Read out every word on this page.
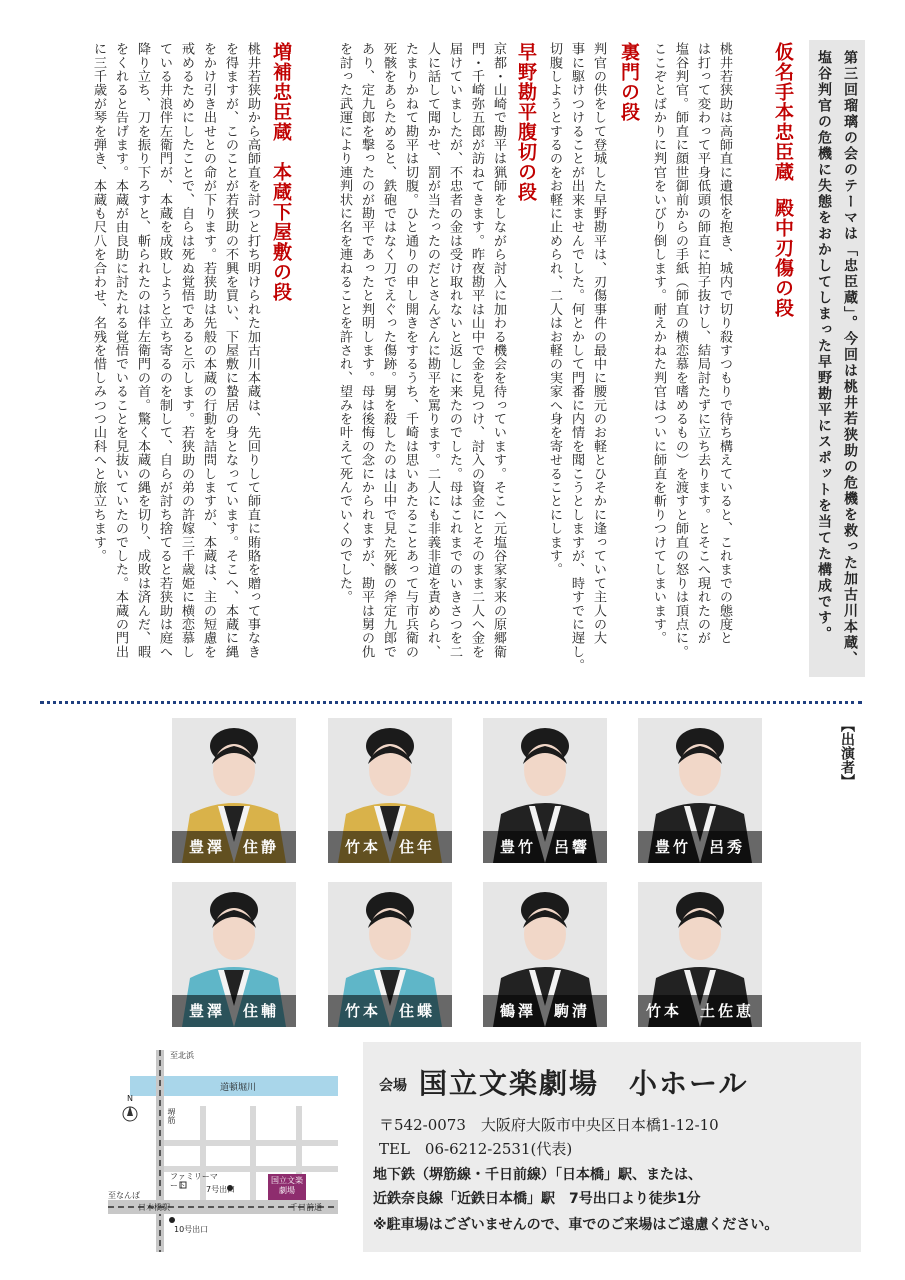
第三回瑠璃の会のテーマは「忠臣蔵」。今回は桃井若狭助の危機を救った加古川本蔵、
塩谷判官の危機に失態をおかしてしまった早野勘平にスポットを当てた構成です。
仮名手本忠臣蔵殿中刃傷の段
桃井若狭助は高師直に遺恨を抱き、城内で切り殺すつもりで待ち構えていると、これまでの態度と
は打って変わって平身低頭の師直に拍子抜けし、結局討たずに立ち去ります。とそこへ現れたのが
塩谷判官。師直に顔世御前からの手紙（師直の横恋慕を嗜めるもの）を渡すと師直の怒りは頂点に。
ここぞとばかりに判官をいびり倒します。耐えかねた判官はついに師直を斬りつけてしまいます。
裏門の段
判官の供をして登城した早野勘平は、刃傷事件の最中に腰元のお軽とひそかに逢っていて主人の大
事に駆けつけることが出来ませんでした。何とかして門番に内情を聞こうとしますが、時すでに遅し。
切腹しようとするのをお軽に止められ、二人はお軽の実家へ身を寄せることにします。
早野勘平腹切の段
京都・山崎で勘平は猟師をしながら討入に加わる機会を待っています。そこへ元塩谷家家来の原郷衛
門・千崎弥五郎が訪ねてきます。昨夜勘平は山中で金を見つけ、討入の資金にとそのまま二人へ金を
届けていましたが、不忠者の金は受け取れないと返しに来たのでした。母はこれまでのいきさつを二
人に話して聞かせ、罰が当たったのだとさんざんに勘平を罵ります。二人にも非義非道を責められ、
たまりかねて勘平は切腹。ひと通りの申し開きをするうち、千崎は思いあたることあって与市兵衛の
死骸をあらためると、鉄砲ではなく刀でえぐった傷跡。舅を殺したのは山中で見た死骸の斧定九郎で
あり、定九郎を撃ったのが勘平であったと判明します。母は後悔の念にかられますが、勘平は舅の仇
を討った武運により連判状に名を連ねることを許され、望みを叶えて死んでいくのでした。
増補忠臣蔵本蔵下屋敷の段
桃井若狭助から高師直を討つと打ち明けられた加古川本蔵は、先回りして師直に賄賂を贈って事なき
を得ますが、このことが若狭助の不興を買い、下屋敷に蟄居の身となっています。そこへ、本蔵に縄
をかけ引き出せとの命が下ります。若狭助は先般の本蔵の行動を詰問しますが、本蔵は、主の短慮を
戒めるためにしたことで、自らは死ぬ覚悟であると示します。若狭助の弟の許嫁三千歳姫に横恋慕し
ている井浪伴左衛門が、本蔵を成敗しようと立ち寄るのを制して、自らが討ち捨てると若狭助は庭へ
降り立ち、刀を振り下ろすと、斬られたのは伴左衛門の首。驚く本蔵の縄を切り、成敗は済んだ、暇
をくれると告げます。本蔵が由良助に討たれる覚悟でいることを見抜いていたのでした。本蔵の門出
に三千歳が琴を弾き、本蔵も尺八を合わせ、名残を惜しみつつ山科へと旅立ちます。
【出演者】
豊竹　呂秀
豊竹　呂響
竹本　住年
豊澤　住静
竹本　土佐恵
鶴澤　駒清
竹本　住蝶
豊澤　住輔
至北浜
道頓堀川
N
堺筋
ファミリーマート	7号出口
国立文楽劇場
至なんば
日本橋駅	千日前通
10号出口
会場 国立文楽劇場　小ホール
〒542-0073　大阪府大阪市中央区日本橋1-12-10
TEL　06-6212-2531(代表)
地下鉄（堺筋線・千日前線）「日本橋」駅、または、
近鉄奈良線「近鉄日本橋」駅　7号出口より徒歩1分
※駐車場はございませんので、車でのご来場はご遠慮ください。
